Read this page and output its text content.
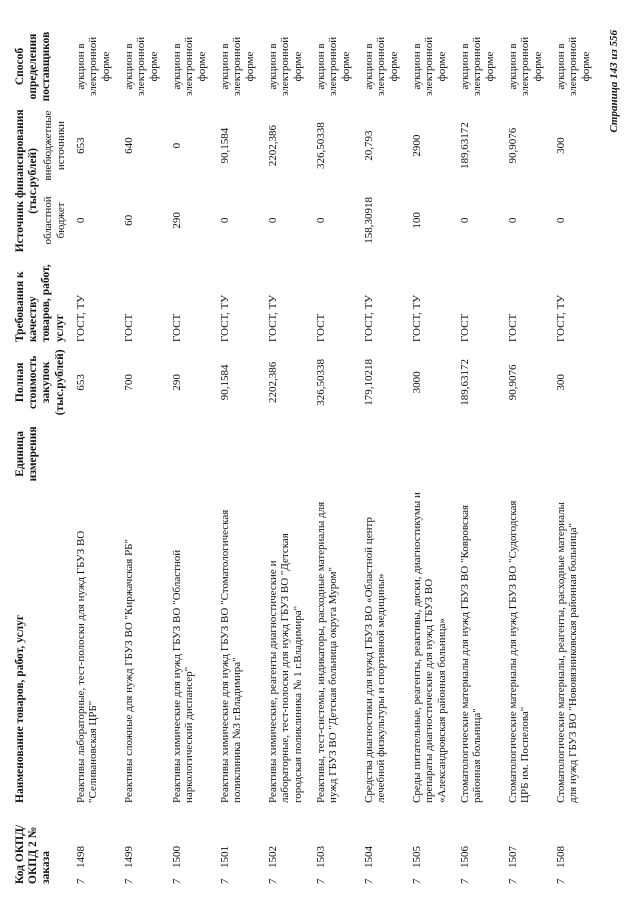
Код ОКПД/ ОКПД 2 № заказа	Наименование товаров, работ, услуг	Единица измерения	Полная стоимость закупок (тыс.рублей)	Требования к качеству товаров, работ, услуг	Источник финансирования (тыс.рублей)		Способ определения поставщиков
					областной бюджет	внебюджетные источники	
71498	Реактивы лабораторные, тест-полоски для нужд ГБУЗ ВО "Селивановская ЦРБ"		653	ГОСТ, ТУ	0	653	аукцион в электронной форме
71499	Реактивы сложные для нужд ГБУЗ ВО "Киржачская РБ"		700	ГОСТ	60	640	аукцион в электронной форме
71500	Реактивы химические для нужд ГБУЗ ВО "Областной наркологический диспансер"		290	ГОСТ	290	0	аукцион в электронной форме
71501	Реактивы химические для нужд ГБУЗ ВО "Стоматологическая поликлиника №3 г.Владимира"		90,1584	ГОСТ, ТУ	0	90,1584	аукцион в электронной форме
71502	Реактивы химические, реагенты диагностические и лабораторные, тест-полоски для нужд ГБУЗ ВО "Детская городская поликлиника № 1 г.Владимира"		2202,386	ГОСТ, ТУ	0	2202,386	аукцион в электронной форме
71503	Реактивы, тест-системы, индикаторы, расходные материалы для нужд ГБУЗ ВО "Детская больница округа Муром"		326,50338	ГОСТ	0	326,50338	аукцион в электронной форме
71504	Средства диагностики для нужд ГБУЗ ВО «Областной центр лечебной физкультуры и спортивной медицины»		179,10218	ГОСТ, ТУ	158,30918	20,793	аукцион в электронной форме
71505	Среды питательные, реагенты, реактивы, диски, диагностикумы и препараты диагностические для нужд ГБУЗ ВО «Александровская районная больница»		3000	ГОСТ, ТУ	100	2900	аукцион в электронной форме
71506	Стоматологические материалы для нужд ГБУЗ ВО "Ковровская районная больница"		189,63172	ГОСТ	0	189,63172	аукцион в электронной форме
71507	Стоматологические материалы для нужд ГБУЗ ВО "Судогодская ЦРБ им. Поспелова"		90,9076	ГОСТ	0	90,9076	аукцион в электронной форме
71508	Стоматологические материалы, реагенты, расходные материалы для нужд ГБУЗ ВО "Нововязниковская районная больница"		300	ГОСТ, ТУ	0	300	аукцион в электронной форме Страница 143 из 556
